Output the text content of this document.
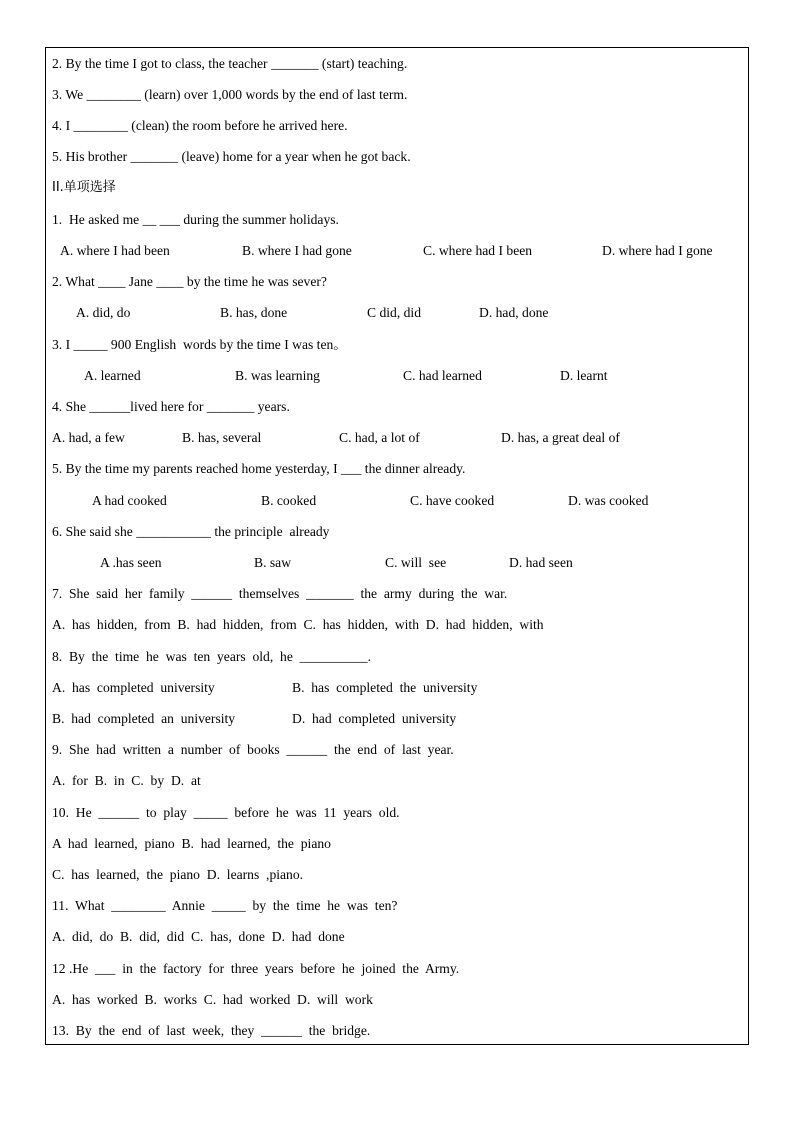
2. By the time I got to class, the teacher _______ (start) teaching.

3. We ________ (learn) over 1,000 words by the end of last term.

4. I ________ (clean) the room before he arrived here.

5. His brother _______ (leave) home for a year when he got back.

II.单项选择

1.  He asked me __ ___ during the summer holidays.

A. where I had been	B. where I had gone	C. where had I been	D. where had I gone

2. What ____ Jane ____ by the time he was sever?

A. did, do	B. has, done	C did, did	D. had, done

3. I _____ 900 English  words by the time I was ten。

A. learned	B. was learning	C. had learned	D. learnt

4. She ______lived here for _______ years.

A. had, a few	B. has, several	C. had, a lot of	D. has, a great deal of

5. By the time my parents reached home yesterday, I ___ the dinner already.

A had cooked	B. cooked	C. have cooked	D. was cooked

6. She said she ___________ the principle  already

A .has seen	B. saw	C. will  see	D. had seen

7.  She  said  her  family  ______  themselves  _______  the  army  during  the  war.

A.  has  hidden,  from  B.  had  hidden,  from  C.  has  hidden,  with  D.  had  hidden,  with

8.  By  the  time  he  was  ten  years  old,  he  __________.

A.  has  completed  university	B.  has  completed  the  university

B.  had  completed  an  university	D.  had  completed  university

9.  She  had  written  a  number  of  books  ______  the  end  of  last  year.

A.  for  B.  in  C.  by  D.  at

10.  He  ______  to  play  _____  before  he  was  11  years  old.

A  had  learned,  piano  B.  had  learned,  the  piano

C.  has  learned,  the  piano  D.  learns  ,piano.

11.  What  ________  Annie  _____  by  the  time  he  was  ten?

A.  did,  do  B.  did,  did  C.  has,  done  D.  had  done

12 .He  ___  in  the  factory  for  three  years  before  he  joined  the  Army.

A.  has  worked  B.  works  C.  had  worked  D.  will  work

13.  By  the  end  of  last  week,  they  ______  the  bridge.
